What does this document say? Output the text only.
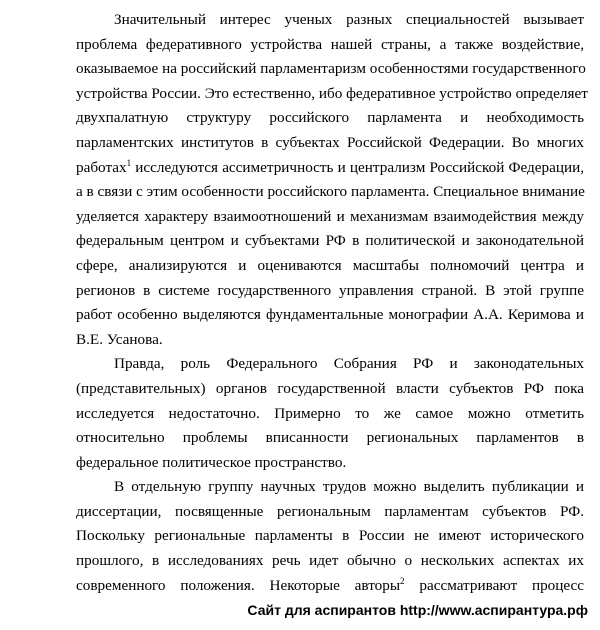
Значительный интерес ученых разных специальностей вызывает
проблема федеративного устройства нашей страны, а также воздействие,
оказываемое на российский парламентаризм особенностями государственного
устройства России. Это естественно, ибо федеративное устройство определяет
двухпалатную структуру российского парламента и необходимость
парламентских институтов в субъектах Российской Федерации. Во многих
работах$^1$ исследуются ассиметричность и централизм Российской Федерации,
а в связи с этим особенности российского парламента. Специальное внимание
уделяется характеру взаимоотношений и механизмам взаимодействия между
федеральным центром и субъектами РФ в политической и законодательной
сфере, анализируются и оцениваются масштабы полномочий центра и
регионов в системе государственного управления страной. В этой группе
работ особенно выделяются фундаментальные монографии А.А. Керимова и
В.Е. Усанова.
Правда, роль Федерального Собрания РФ и законодательных
(представительных) органов государственной власти субъектов РФ пока
исследуется недостаточно. Примерно то же самое можно отметить
относительно проблемы вписанности региональных парламентов в
федеральное политическое пространство.
В отдельную группу научных трудов можно выделить публикации и
диссертации, посвященные региональным парламентам субъектов РФ.
Поскольку региональные парламенты в России не имеют исторического
прошлого, в исследованиях речь идет обычно о нескольких аспектах их
современного положения. Некоторые авторы$^2$ рассматривают процесс
Сайт для аспирантов http://www.аспирантура.рф
